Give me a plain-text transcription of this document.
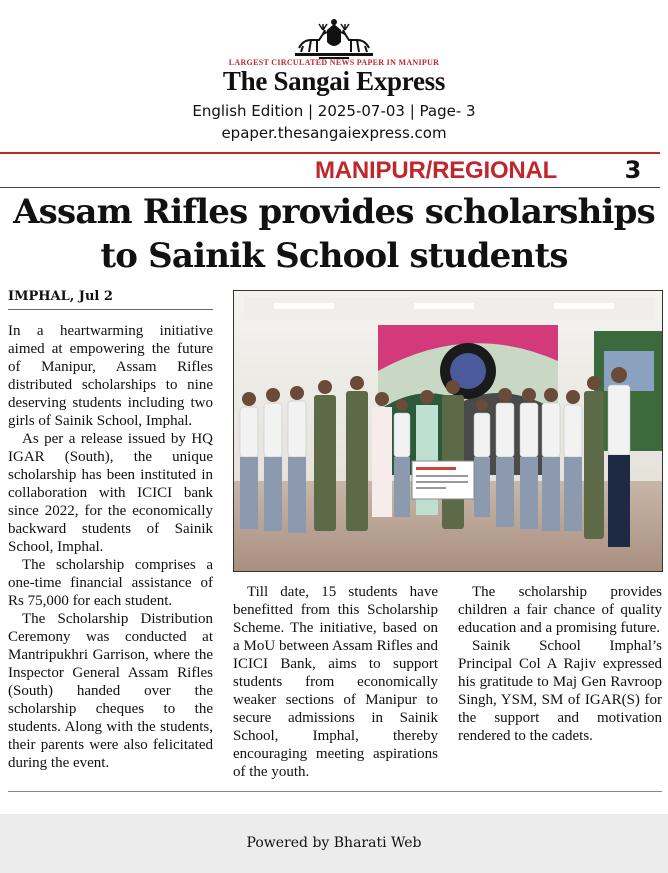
LARGEST CIRCULATED NEWS PAPER IN MANIPUR
The Sangai Express
English Edition | 2025-07-03 | Page- 3
epaper.thesangaiexpress.com
MANIPUR/REGIONAL	3
Assam Rifles provides scholarships
to Sainik School students
IMPHAL, Jul 2

In a heartwarming initiative aimed at empowering the future of Manipur, Assam Rifles distributed scholarships to nine deserving students including two girls of Sainik School, Imphal.

As per a release issued by HQ IGAR (South), the unique scholarship has been instituted in collaboration with ICICI bank since 2022, for the economically backward students of Sainik School, Imphal.

The scholarship comprises a one-time financial assistance of Rs 75,000 for each student.

The Scholarship Distribution Ceremony was conducted at Mantripukhri Garrison, where the Inspector General Assam Rifles (South) handed over the scholarship cheques to the students. Along with the students, their parents were also felicitated during the event.

Till date, 15 students have benefitted from this Scholarship Scheme. The initiative, based on a MoU between Assam Rifles and ICICI Bank, aims to support students from economically weaker sections of Manipur to secure admissions in Sainik School, Imphal, thereby encouraging meeting aspirations of the youth.

The scholarship provides children a fair chance of quality education and a promising future.

Sainik School Imphal’s Principal Col A Rajiv expressed his gratitude to Maj Gen Ravroop Singh, YSM, SM of IGAR(S) for the support and motivation rendered to the cadets.

Powered by Bharati Web
